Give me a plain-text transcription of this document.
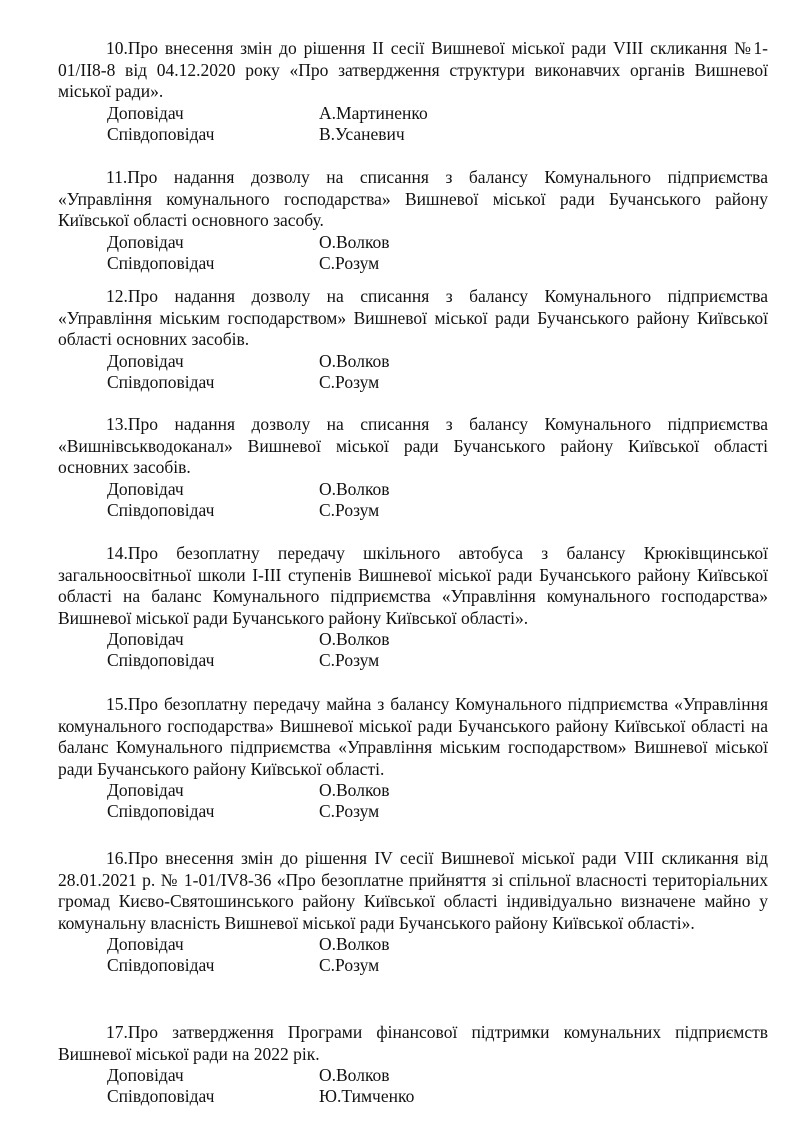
10.Про внесення змін до рішення II сесії Вишневої міської ради VIII скликання №1-01/II8-8 від 04.12.2020 року «Про затвердження структури виконавчих органів Вишневої міської ради».

Доповідач	А.Мартиненко
Співдоповідач	В.Усаневич

11.Про надання дозволу на списання з балансу Комунального підприємства «Управління комунального господарства» Вишневої міської ради Бучанського району Київської області основного засобу.

Доповідач	О.Волков
Співдоповідач	С.Розум

12.Про надання дозволу на списання з балансу Комунального підприємства «Управління міським господарством» Вишневої міської ради Бучанського району Київської області основних засобів.

Доповідач	О.Волков
Співдоповідач	С.Розум

13.Про надання дозволу на списання з балансу Комунального підприємства «Вишнівськводоканал» Вишневої міської ради Бучанського району Київської області основних засобів.

Доповідач	О.Волков
Співдоповідач	С.Розум

14.Про безоплатну передачу шкільного автобуса з балансу Крюківщинської загальноосвітньої школи I-III ступенів Вишневої міської ради Бучанського району Київської області на баланс Комунального підприємства «Управління комунального господарства» Вишневої міської ради Бучанського району Київської області».

Доповідач	О.Волков
Співдоповідач	С.Розум

15.Про безоплатну передачу майна з балансу Комунального підприємства «Управління комунального господарства» Вишневої міської ради Бучанського району Київської області на баланс Комунального підприємства «Управління міським господарством» Вишневої міської ради Бучанського району Київської області.

Доповідач	О.Волков
Співдоповідач	С.Розум

16.Про внесення змін до рішення IV сесії Вишневої міської ради VIII скликання від 28.01.2021 р. № 1-01/IV8-36 «Про безоплатне прийняття зі спільної власності територіальних громад Києво-Святошинського району Київської області індивідуально визначене майно у комунальну власність Вишневої міської ради Бучанського району Київської області».

Доповідач	О.Волков
Співдоповідач	С.Розум

17.Про затвердження Програми фінансової підтримки комунальних підприємств Вишневої міської ради на 2022 рік.

Доповідач	О.Волков
Співдоповідач	Ю.Тимченко
